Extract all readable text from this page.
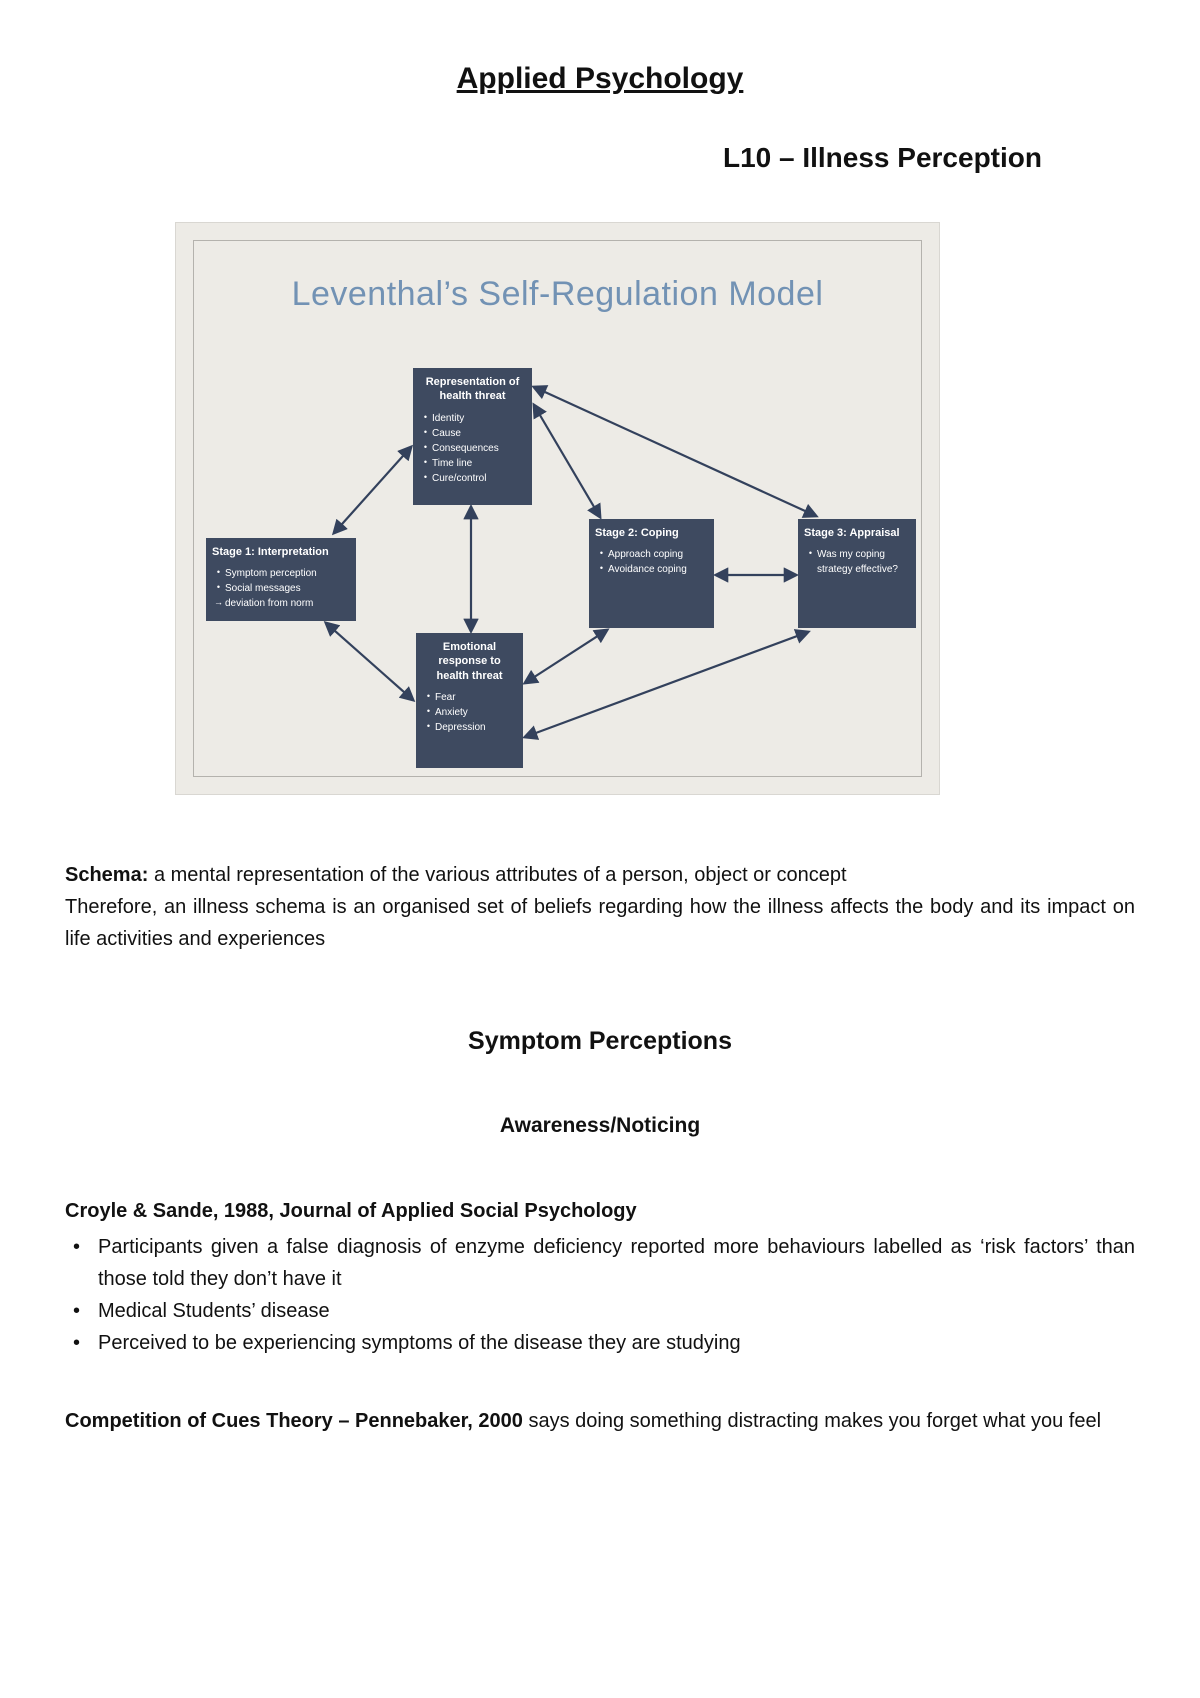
Applied Psychology
L10 – Illness Perception
Leventhal’s Self-Regulation Model
Representation of health threat
• Identity
• Cause
• Consequences
• Time line
• Cure/control
Stage 1: Interpretation
• Symptom perception
• Social messages
→ deviation from norm
Stage 2: Coping
• Approach coping
• Avoidance coping
Stage 3: Appraisal
• Was my coping strategy effective?
Emotional response to health threat
• Fear
• Anxiety
• Depression

Schema: a mental representation of the various attributes of a person, object or concept
Therefore, an illness schema is an organised set of beliefs regarding how the illness affects the body and its impact on life activities and experiences

Symptom Perceptions
Awareness/Noticing
Croyle & Sande, 1988, Journal of Applied Social Psychology
• Participants given a false diagnosis of enzyme deficiency reported more behaviours labelled as ‘risk factors’ than those told they don’t have it
• Medical Students’ disease
• Perceived to be experiencing symptoms of the disease they are studying

Competition of Cues Theory – Pennebaker, 2000 says doing something distracting makes you forget what you feel
